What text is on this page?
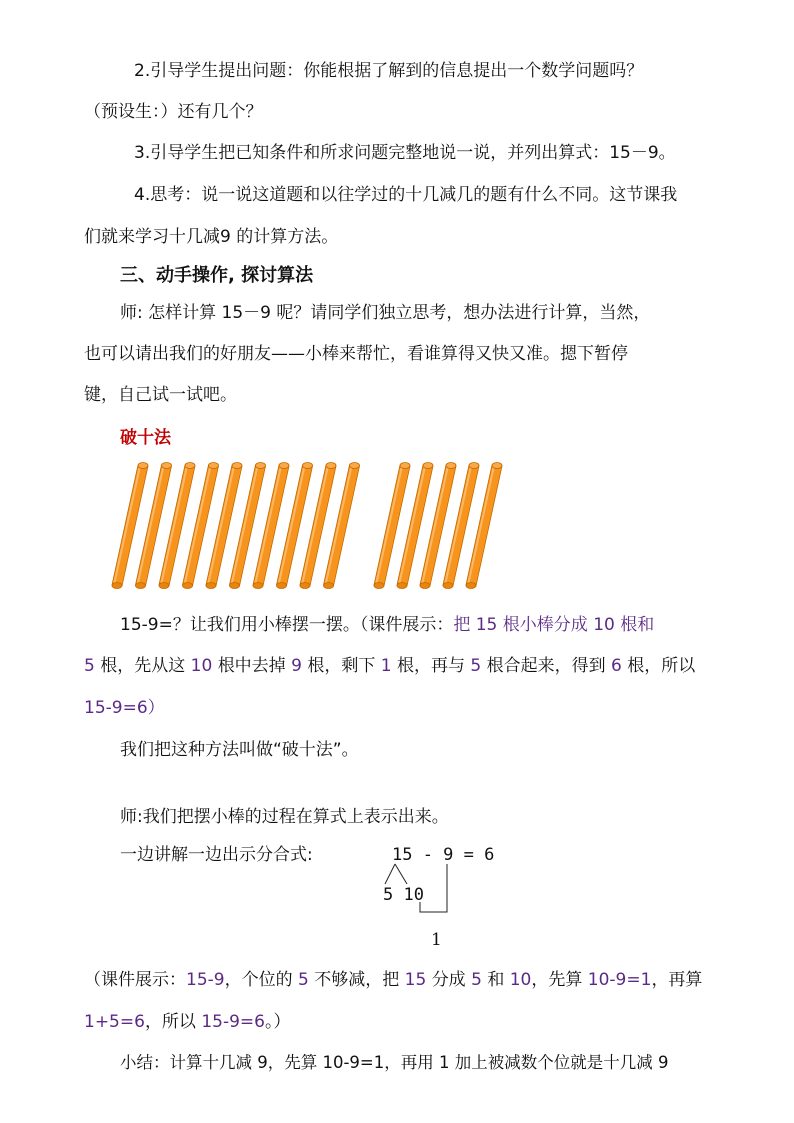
2.引导学生提出问题：你能根据了解到的信息提出一个数学问题吗？
（预设生：）还有几个？
3.引导学生把已知条件和所求问题完整地说一说，并列出算式：15－9。
4.思考：说一说这道题和以往学过的十几减几的题有什么不同。这节课我
们就来学习十几减9 的计算方法。
三、动手操作, 探讨算法
师: 怎样计算 15－9 呢？请同学们独立思考，想办法进行计算，当然，
也可以请出我们的好朋友——小棒来帮忙，看谁算得又快又准。摁下暂停
键，自己试一试吧。
破十法
15-9=？让我们用小棒摆一摆。（课件展示：把 15 根小棒分成 10 根和
5 根，先从这 10 根中去掉 9 根，剩下 1 根，再与 5 根合起来，得到 6 根，所以
15-9=6）
我们把这种方法叫做“破十法”。
师:我们把摆小棒的过程在算式上表示出来。
一边讲解一边出示分合式:	15 - 9 = 6
5 10
1
（课件展示：15-9，个位的 5 不够减，把 15 分成 5 和 10，先算 10-9=1，再算
1+5=6，所以 15-9=6。）
小结：计算十几减 9，先算 10-9=1，再用 1 加上被减数个位就是十几减 9
